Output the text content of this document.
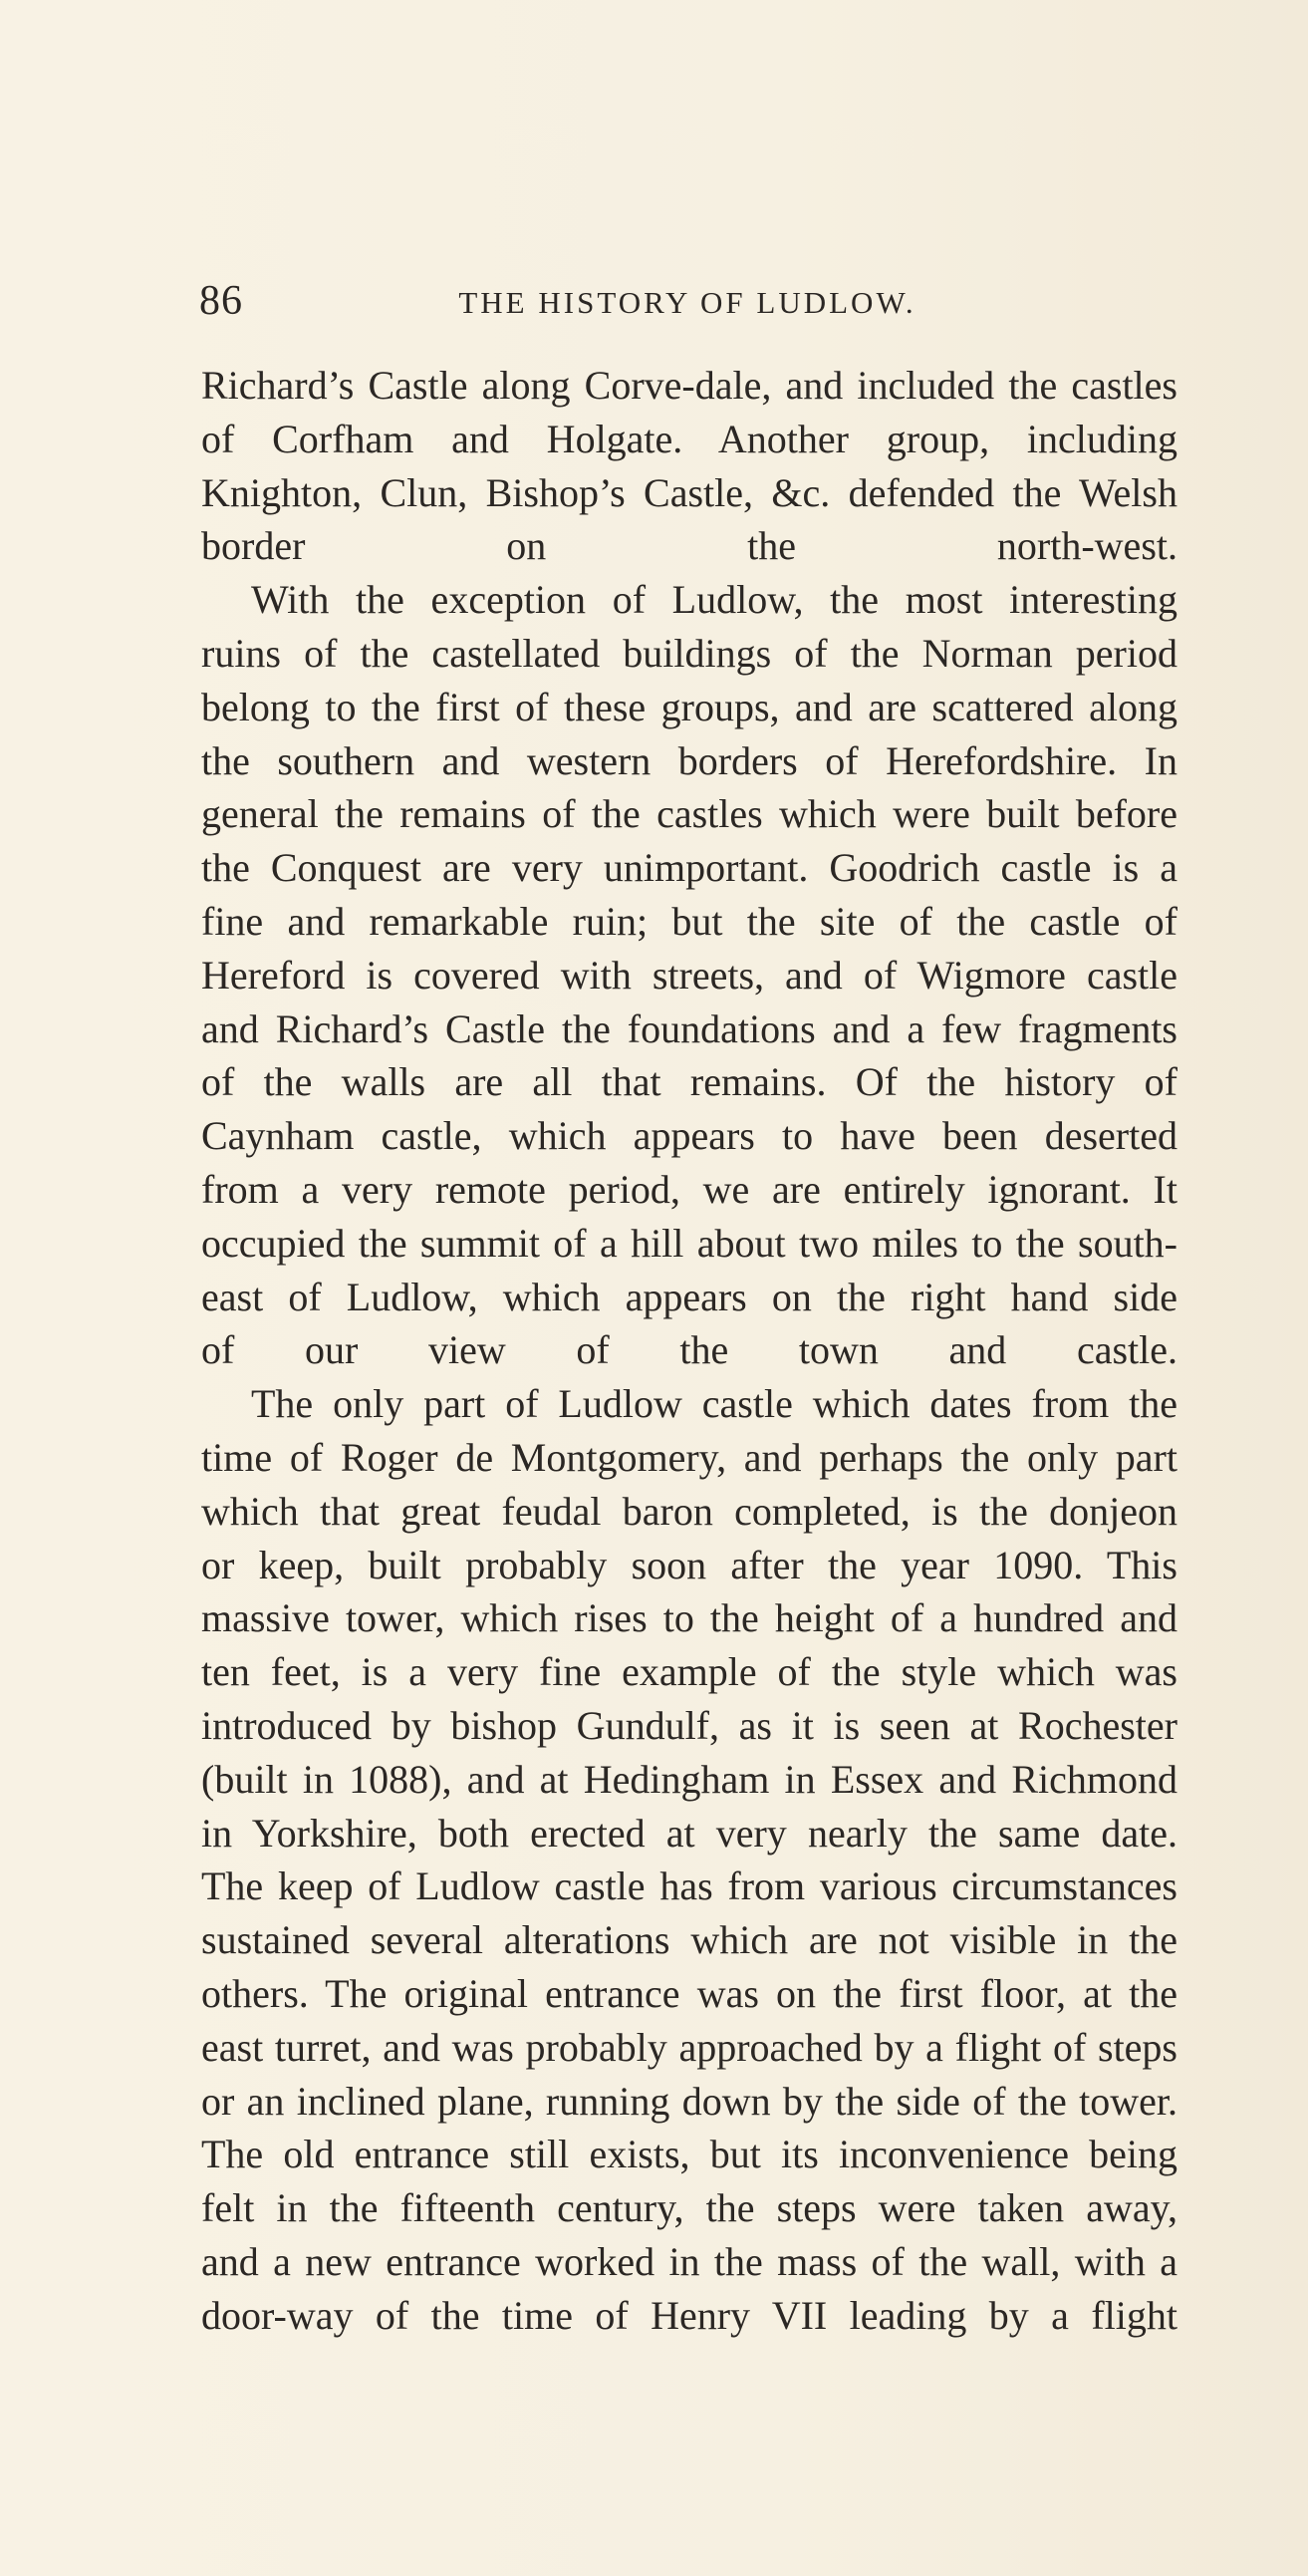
86	THE HISTORY OF LUDLOW.
Richard’s Castle along Corve-dale, and included the castles
of Corfham and Holgate. Another group, including
Knighton, Clun, Bishop’s Castle, &c. defended the Welsh
border on the north-west.
With the exception of Ludlow, the most interesting
ruins of the castellated buildings of the Norman period
belong to the first of these groups, and are scattered along
the southern and western borders of Herefordshire. In
general the remains of the castles which were built before
the Conquest are very unimportant. Goodrich castle is a
fine and remarkable ruin; but the site of the castle of
Hereford is covered with streets, and of Wigmore castle
and Richard’s Castle the foundations and a few fragments
of the walls are all that remains. Of the history of
Caynham castle, which appears to have been deserted
from a very remote period, we are entirely ignorant. It
occupied the summit of a hill about two miles to the south-
east of Ludlow, which appears on the right hand side
of our view of the town and castle.
The only part of Ludlow castle which dates from the
time of Roger de Montgomery, and perhaps the only part
which that great feudal baron completed, is the donjeon
or keep, built probably soon after the year 1090. This
massive tower, which rises to the height of a hundred and
ten feet, is a very fine example of the style which was
introduced by bishop Gundulf, as it is seen at Rochester
(built in 1088), and at Hedingham in Essex and Richmond
in Yorkshire, both erected at very nearly the same date.
The keep of Ludlow castle has from various circumstances
sustained several alterations which are not visible in the
others. The original entrance was on the first floor, at the
east turret, and was probably approached by a flight of steps
or an inclined plane, running down by the side of the tower.
The old entrance still exists, but its inconvenience being
felt in the fifteenth century, the steps were taken away,
and a new entrance worked in the mass of the wall, with a
door-way of the time of Henry VII leading by a flight
